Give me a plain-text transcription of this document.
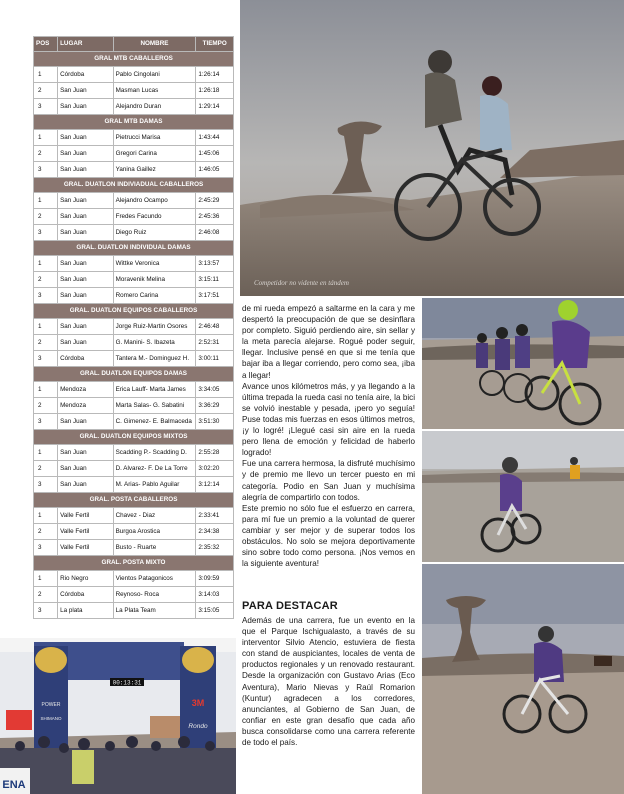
POS	LUGAR	NOMBRE	TIEMPO
GRAL MTB CABALLEROS			
1	Córdoba	Pablo Cingolani	1:26:14
2	San Juan	Masman Lucas	1:26:18
3	San Juan	Alejandro Duran	1:29:14
GRAL MTB DAMAS			
1	San Juan	Pietrucci Marisa	1:43:44
2	San Juan	Gregori Carina	1:45:06
3	San Juan	Yanina Gaillez	1:46:05
GRAL. DUATLON INDIVIADUAL CABALLEROS			
1	San Juan	Alejandro Ocampo	2:45:29
2	San Juan	Fredes Facundo	2:45:36
3	San Juan	Diego Ruiz	2:46:08
GRAL. DUATLON INDIVIDUAL DAMAS			
1	San Juan	Wittke Veronica	3:13:57
2	San Juan	Moravenik Melina	3:15:11
3	San Juan	Romero Carina	3:17:51
GRAL. DUATLON EQUIPOS CABALLEROS			
1	San Juan	Jorge Ruiz-Martin Osores	2:46:48
2	San Juan	G. Manini- S. Ibazeta	2:52:31
3	Córdoba	Tantera M.- Dominguez H.	3:00:11
GRAL. DUATLON EQUIPOS DAMAS			
1	Mendoza	Erica Lauff- Marta James	3:34:05
2	Mendoza	Marta Salas- G. Sabatini	3:36:29
3	San Juan	C. Gimenez- E. Balmaceda	3:51:30
GRAL. DUATLON EQUIPOS MIXTOS			
1	San Juan	Scadding P.- Scadding D.	2:55:28
2	San Juan	D. Alvarez- F. De La Torre	3:02:20
3	San Juan	M. Arias- Pablo Aguilar	3:12:14
GRAL. POSTA CABALLEROS			
1	Valle Fertil	Chavez - Diaz	2:33:41
2	Valle Fertil	Burgoa Arostica	2:34:38
3	Valle Fertil	Busto - Ruarte	2:35:32
GRAL. POSTA MIXTO			
1	Rio Negro	Vientos Patagonicos	3:09:59
2	Córdoba	Reynoso- Roca	3:14:03
3	La plata	La Plata Team	3:15:05
Competidor no vidente en tándem
00:13:31
3M
Rondo
POWER
SHIMANO
ENA

de mi rueda empezó a saltarme en la cara y me despertó la preocupación de que se desinflara por completo. Siguió perdiendo aire, sin sellar y la meta parecía alejarse. Rogué poder seguir, llegar. Inclusive pensé en que si me tenía que bajar iba a llegar corriendo, pero como sea, ¡iba a llegar!

Avance unos kilómetros más, y ya llegando a la última trepada la rueda casi no tenía aire, la bici se volvió inestable y pesada, ¡pero yo seguía! Puse todas mis fuerzas en esos últimos metros, ¡y lo logré! ¡Llegué casi sin aire en la rueda pero llena de emoción y felicidad de haberlo logrado!

Fue una carrera hermosa, la disfruté muchísimo y de premio me llevo un tercer puesto en mi categoría. Podio en San Juan y muchísima alegría de compartirlo con todos.

Este premio no sólo fue el esfuerzo en carrera, para mí fue un premio a la voluntad de querer cambiar y ser mejor y de superar todos los obstáculos. No solo se mejora deportivamente sino sobre todo como persona. ¡Nos vemos en la siguiente aventura!

PARA DESTACAR

Además de una carrera, fue un evento en la que el Parque Ischigualasto, a través de su interventor Silvio Atencio, estuviera de fiesta con stand de auspiciantes, locales de venta de productos regionales y un renovado restaurant. Desde la organización con Gustavo Arias (Eco Aventura), Mario Nievas y Raúl Romarion (Kuntur) agradecen a los corredores, anunciantes, al Gobierno de San Juan, de confiar en este gran desafío que cada año busca consolidarse como una carrera referente de todo el país.
